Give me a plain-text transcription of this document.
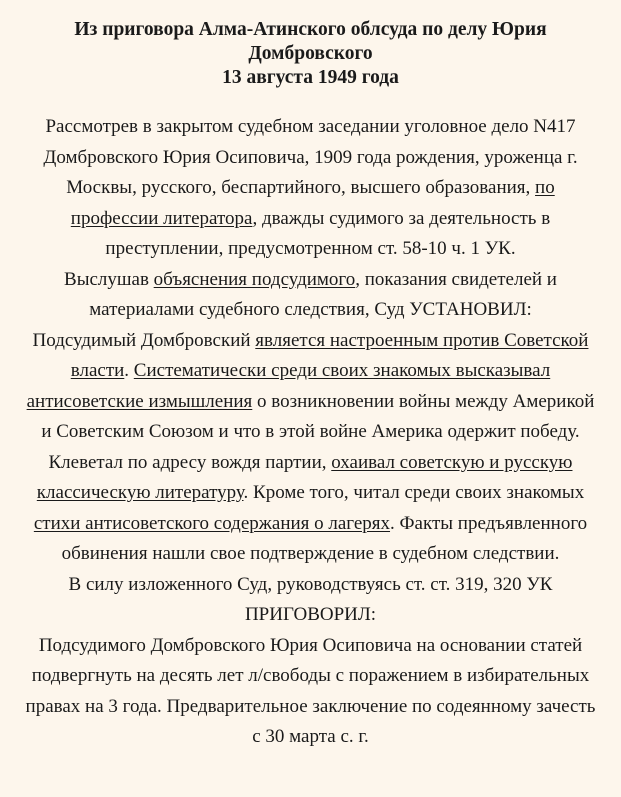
Из приговора Алма-Атинского облсуда по делу Юрия
Домбровского
13 августа 1949 года

Рассмотрев в закрытом судебном заседании уголовное дело N417 Домбровского Юрия Осиповича, 1909 года рождения, уроженца г. Москвы, русского, беспартийного, высшего образования, по профессии литератора, дважды судимого за деятельность в преступлении, предусмотренном ст. 58-10 ч. 1 УК.

Выслушав объяснения подсудимого, показания свидетелей и материалами судебного следствия, Суд УСТАНОВИЛ:

Подсудимый Домбровский является настроенным против Советской власти. Систематически среди своих знакомых высказывал антисоветские измышления о возникновении войны между Америкой и Советским Союзом и что в этой войне Америка одержит победу. Клеветал по адресу вождя партии, охаивал советскую и русскую классическую литературу. Кроме того, читал среди своих знакомых стихи антисоветского содержания о лагерях. Факты предъявленного обвинения нашли свое подтверждение в судебном следствии.

В силу изложенного Суд, руководствуясь ст. ст. 319, 320 УК

ПРИГОВОРИЛ:

Подсудимого Домбровского Юрия Осиповича на основании статей подвергнуть на десять лет л/свободы с поражением в избирательных правах на 3 года. Предварительное заключение по содеянному зачесть с 30 марта с. г.
